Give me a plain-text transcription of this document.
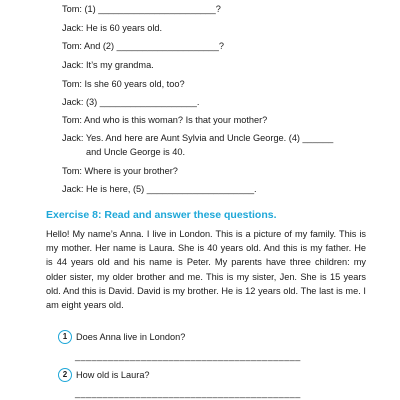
Tom: (1) _______________________?
Jack: He is 60 years old.
Tom: And (2) ____________________?
Jack: It’s my grandma.
Tom: Is she 60 years old, too?
Jack: (3) ___________________.
Tom: And who is this woman? Is that your mother?
Jack: Yes. And here are Aunt Sylvia and Uncle George. (4) ______
and Uncle George is 40.
Tom: Where is your brother?
Jack: He is here, (5) _____________________.
Exercise 8: Read and answer these questions.
Hello! My name’s Anna. I live in London. This is a picture of my family. This is my mother. Her name is Laura. She is 40 years old. And this is my father. He is 44 years old and his name is Peter. My parents have three children: my older sister, my older brother and me. This is my sister, Jen. She is 15 years old. And this is David. David is my brother. He is 12 years old. The last is me. I am eight years old.
1 Does Anna live in London?
_________________________________________
2 How old is Laura?
_________________________________________
